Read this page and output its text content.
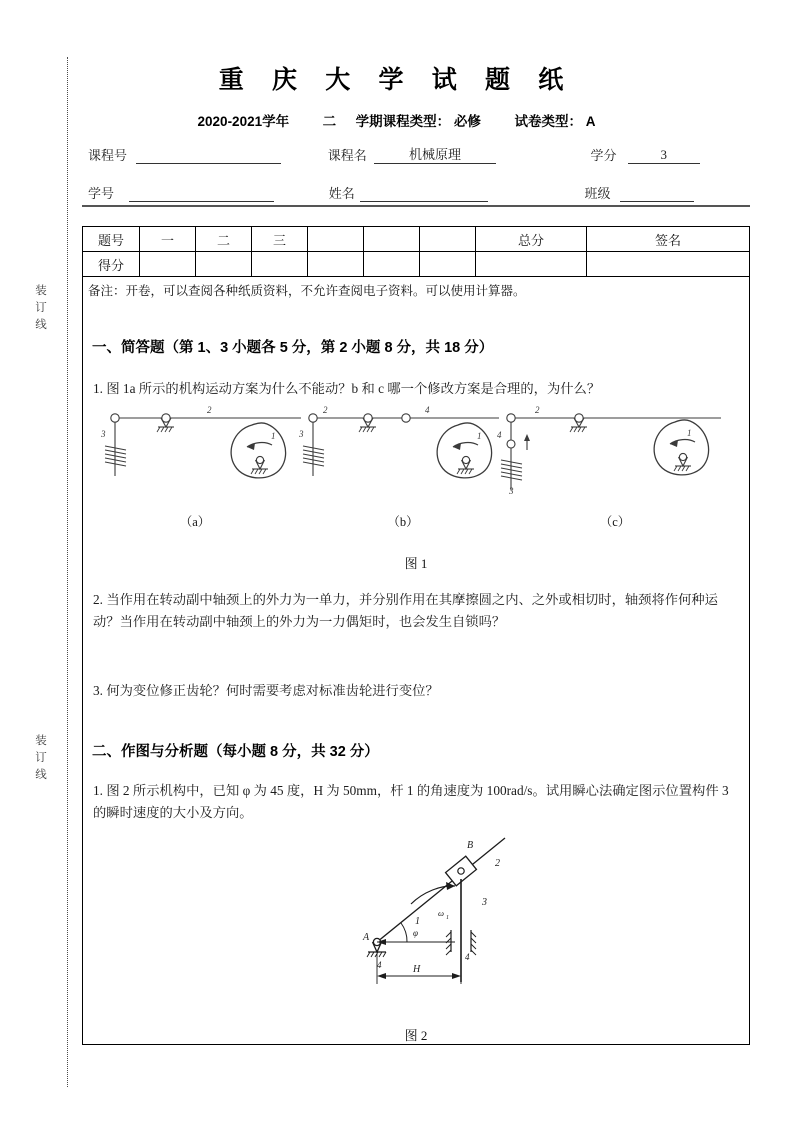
装
订
线
装
订
线
重 庆 大 学 试 题 纸
2020-2021学年 二 学期课程类型： 必修 试卷类型： A
课程号	课程名	机械原理	学分	3
学号	姓名	班级
题号	一	二	三				总分	签名
得分								
备注：开卷，可以查阅各种纸质资料，不允许查阅电子资料。可以使用计算器。								
一、简答题（第 1、3 小题各 5 分，第 2 小题 8 分，共 18 分）
1. 图 1a 所示的机构运动方案为什么不能动？b 和 c 哪一个修改方案是合理的，为什么？
2
3	1
2
3
4
1
2
4
3
1
（a）	（b）	（c）
图 1
2. 当作用在转动副中轴颈上的外力为一单力，并分别作用在其摩擦圆之内、之外或相切时，轴颈将作何种运动？当作用在转动副中轴颈上的外力为一力偶矩时，也会发生自锁吗？
3. 何为变位修正齿轮？何时需要考虑对标准齿轮进行变位？
二、作图与分析题（每小题 8 分，共 32 分）
1. 图 2 所示机构中，已知 φ 为 45 度，H 为 50mm，杆 1 的角速度为 100rad/s。试用瞬心法确定图示位置构件 3 的瞬时速度的大小及方向。
B
2
3
1
ω 1
φ
A
4
4
H
图 2
